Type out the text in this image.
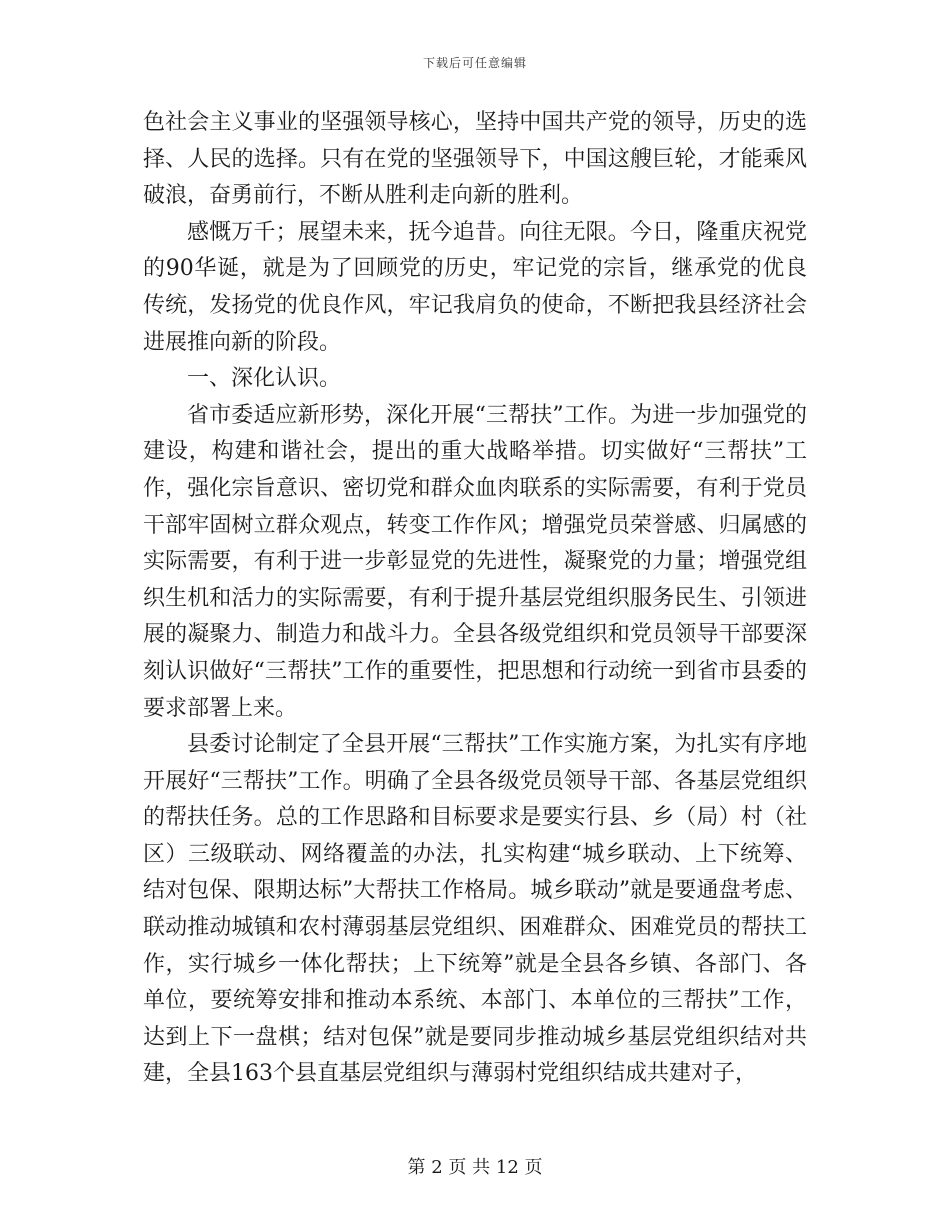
下载后可任意编辑

色社会主义事业的坚强领导核心，坚持中国共产党的领导，历史的选择、人民的选择。只有在党的坚强领导下，中国这艘巨轮，才能乘风破浪，奋勇前行，不断从胜利走向新的胜利。

感慨万千；展望未来，抚今追昔。向往无限。今日，隆重庆祝党的90华诞，就是为了回顾党的历史，牢记党的宗旨，继承党的优良传统，发扬党的优良作风，牢记我肩负的使命，不断把我县经济社会进展推向新的阶段。

一、深化认识。

省市委适应新形势，深化开展“三帮扶”工作。为进一步加强党的建设，构建和谐社会，提出的重大战略举措。切实做好“三帮扶”工作，强化宗旨意识、密切党和群众血肉联系的实际需要，有利于党员干部牢固树立群众观点，转变工作作风；增强党员荣誉感、归属感的实际需要，有利于进一步彰显党的先进性，凝聚党的力量；增强党组织生机和活力的实际需要，有利于提升基层党组织服务民生、引领进展的凝聚力、制造力和战斗力。全县各级党组织和党员领导干部要深刻认识做好“三帮扶”工作的重要性，把思想和行动统一到省市县委的要求部署上来。

县委讨论制定了全县开展“三帮扶”工作实施方案，为扎实有序地开展好“三帮扶”工作。明确了全县各级党员领导干部、各基层党组织的帮扶任务。总的工作思路和目标要求是要实行县、乡（局）村（社区）三级联动、网络覆盖的办法，扎实构建“城乡联动、上下统筹、结对包保、限期达标”大帮扶工作格局。城乡联动”就是要通盘考虑、联动推动城镇和农村薄弱基层党组织、困难群众、困难党员的帮扶工作，实行城乡一体化帮扶；上下统筹”就是全县各乡镇、各部门、各单位，要统筹安排和推动本系统、本部门、本单位的三帮扶”工作，达到上下一盘棋；结对包保”就是要同步推动城乡基层党组织结对共建，全县163个县直基层党组织与薄弱村党组织结成共建对子，

第 2 页 共 12 页
